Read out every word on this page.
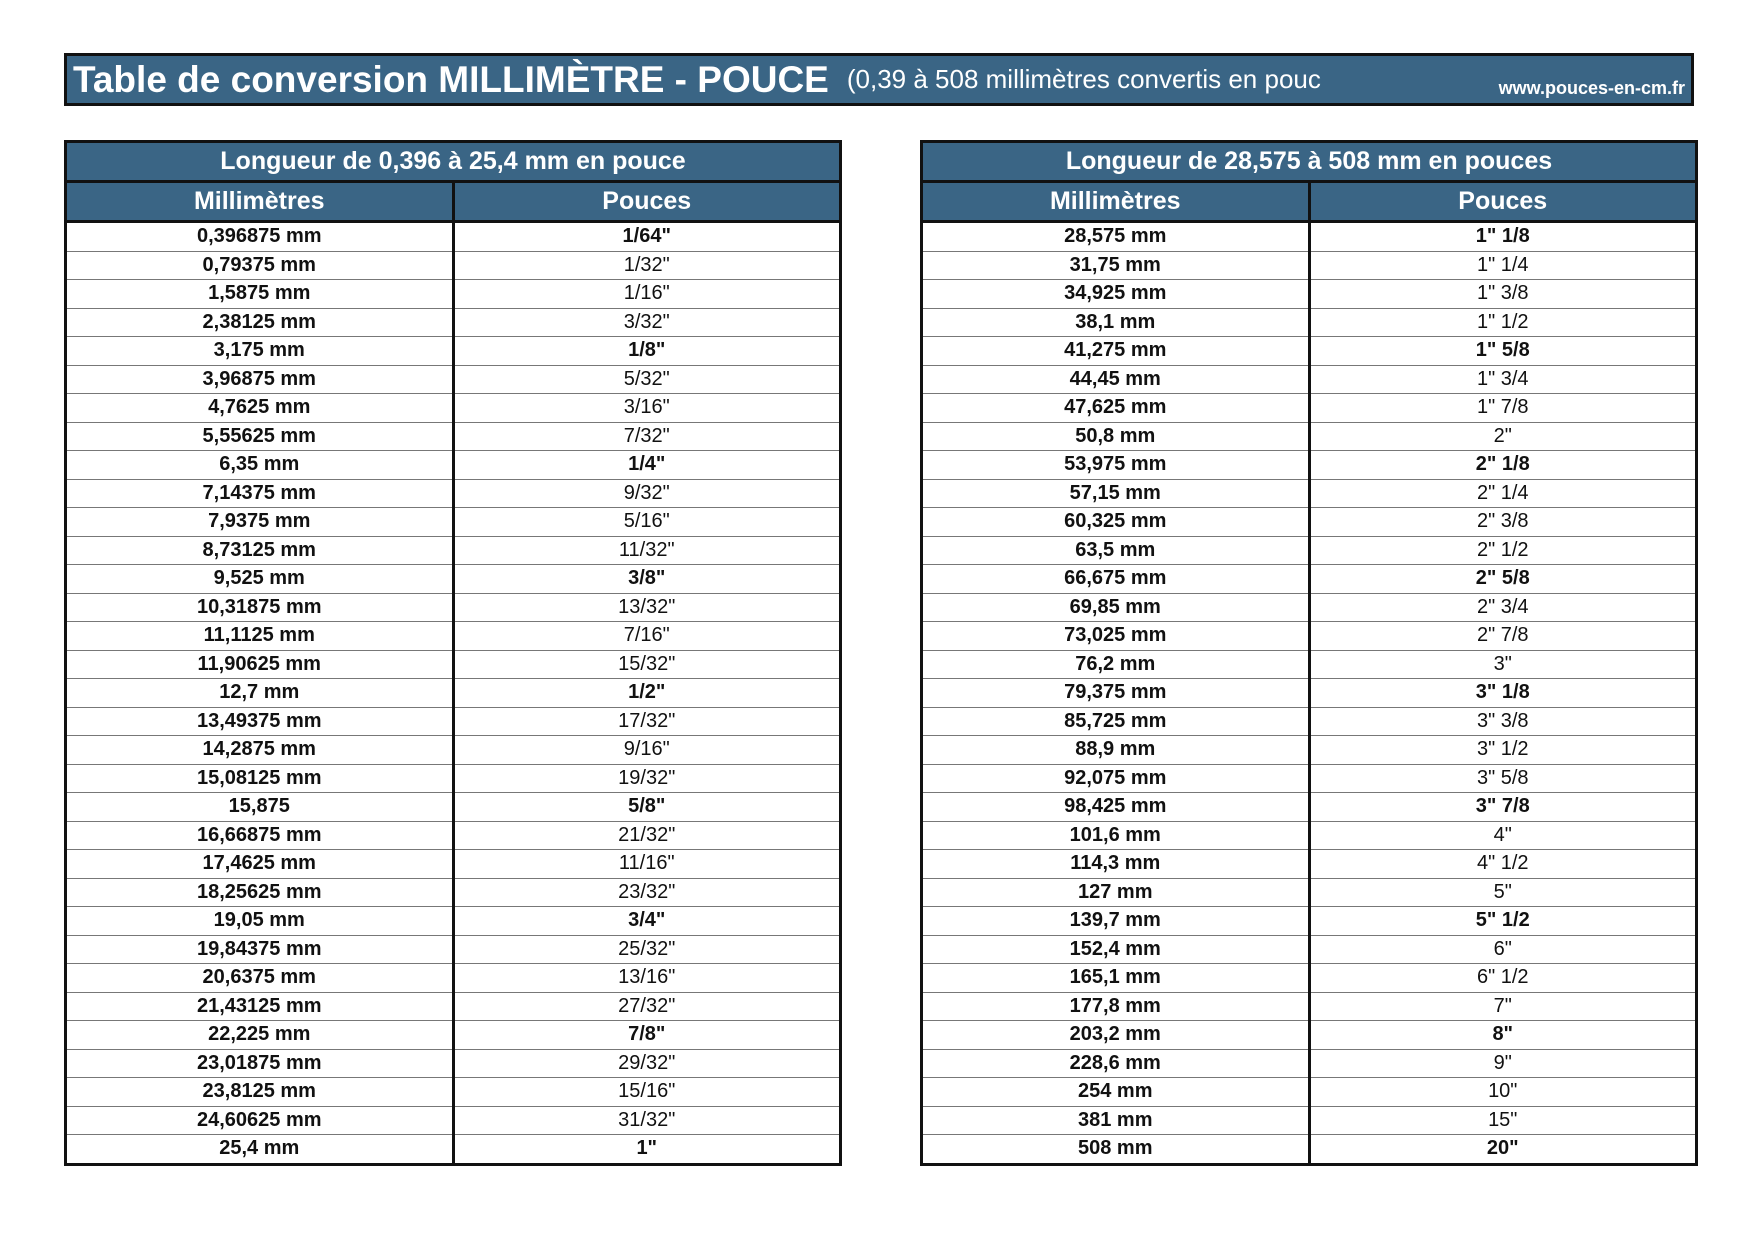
Table de conversion MILLIMÈTRE - POUCE (0,39 à 508 millimètres convertis en pouc	www.pouces-en-cm.fr
Longueur de 0,396 à 25,4 mm en pouce	
Millimètres	Pouces
0,396875 mm	1/64"
0,79375 mm	1/32"
1,5875 mm	1/16"
2,38125 mm	3/32"
3,175 mm	1/8"
3,96875 mm	5/32"
4,7625 mm	3/16"
5,55625 mm	7/32"
6,35 mm	1/4"
7,14375 mm	9/32"
7,9375 mm	5/16"
8,73125 mm	11/32"
9,525 mm	3/8"
10,31875 mm	13/32"
11,1125 mm	7/16"
11,90625 mm	15/32"
12,7 mm	1/2"
13,49375 mm	17/32"
14,2875 mm	9/16"
15,08125 mm	19/32"
15,875	5/8"
16,66875 mm	21/32"
17,4625 mm	11/16"
18,25625 mm	23/32"
19,05 mm	3/4"
19,84375 mm	25/32"
20,6375 mm	13/16"
21,43125 mm	27/32"
22,225 mm	7/8"
23,01875 mm	29/32"
23,8125 mm	15/16"
24,60625 mm	31/32"
25,4 mm	1"
Longueur de 28,575 à 508 mm en pouces	
Millimètres	Pouces
28,575 mm	1" 1/8
31,75 mm	1" 1/4
34,925 mm	1" 3/8
38,1 mm	1" 1/2
41,275 mm	1" 5/8
44,45 mm	1" 3/4
47,625 mm	1" 7/8
50,8 mm	2"
53,975 mm	2" 1/8
57,15 mm	2" 1/4
60,325 mm	2" 3/8
63,5 mm	2" 1/2
66,675 mm	2" 5/8
69,85 mm	2" 3/4
73,025 mm	2" 7/8
76,2 mm	3"
79,375 mm	3" 1/8
85,725 mm	3" 3/8
88,9 mm	3" 1/2
92,075 mm	3" 5/8
98,425 mm	3" 7/8
101,6 mm	4"
114,3 mm	4" 1/2
127 mm	5"
139,7 mm	5" 1/2
152,4 mm	6"
165,1 mm	6" 1/2
177,8 mm	7"
203,2 mm	8"
228,6 mm	9"
254 mm	10"
381 mm	15"
508 mm	20"
